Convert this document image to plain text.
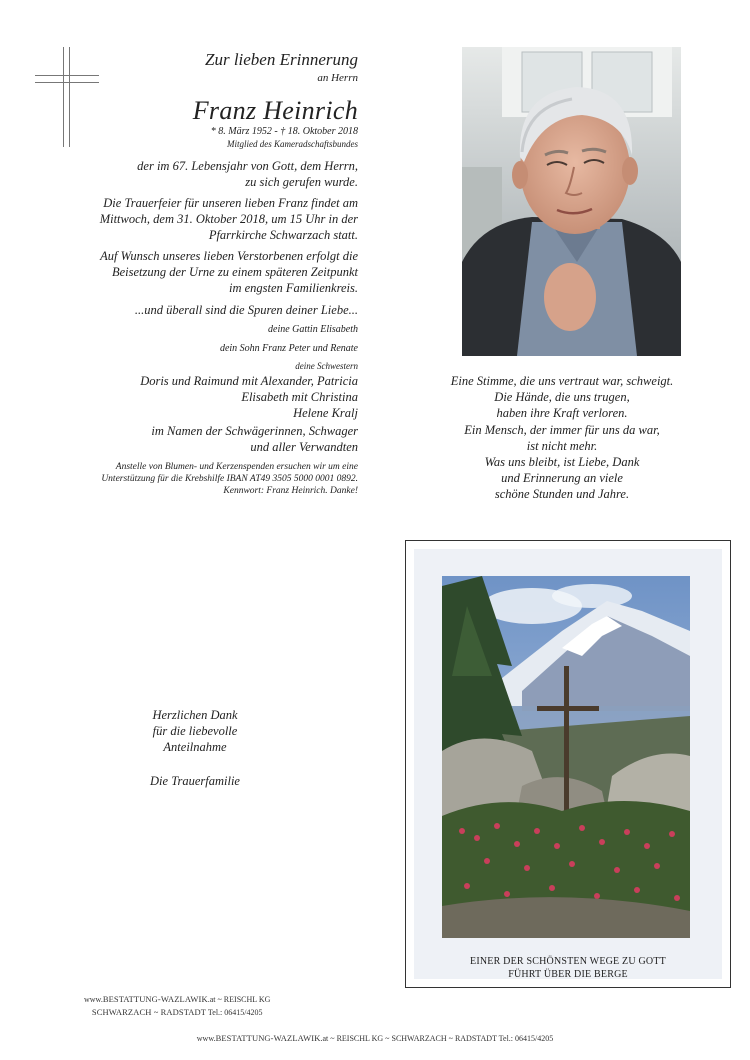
Zur lieben Erinnerung
an Herrn
Franz Heinrich
* 8. März 1952 - † 18. Oktober 2018
Mitglied des Kameradschaftsbundes
der im 67. Lebensjahr von Gott, dem Herrn,
zu sich gerufen wurde.
Die Trauerfeier für unseren lieben Franz findet am
Mittwoch, dem 31. Oktober 2018, um 15 Uhr in der
Pfarrkirche Schwarzach statt.
Auf Wunsch unseres lieben Verstorbenen erfolgt die
Beisetzung der Urne zu einem späteren Zeitpunkt
im engsten Familienkreis.
...und überall sind die Spuren deiner Liebe...
deine Gattin Elisabeth
dein Sohn Franz Peter und Renate
deine Schwestern
Doris und Raimund mit Alexander, Patricia
Elisabeth mit Christina
Helene Kralj
im Namen der Schwägerinnen, Schwager
und aller Verwandten
Anstelle von Blumen- und Kerzenspenden ersuchen wir um eine
Unterstützung für die Krebshilfe IBAN AT49 3505 5000 0001 0892.
Kennwort: Franz Heinrich. Danke!
Eine Stimme, die uns vertraut war, schweigt.
Die Hände, die uns trugen,
haben ihre Kraft verloren.
Ein Mensch, der immer für uns da war,
ist nicht mehr.
Was uns bleibt, ist Liebe, Dank
und Erinnerung an viele
schöne Stunden und Jahre.
Herzlichen Dank
für die liebevolle
Anteilnahme
Die Trauerfamilie
EINER DER SCHÖNSTEN WEGE ZU GOTT
FÜHRT ÜBER DIE BERGE
www.BESTATTUNG-WAZLAWIK.at ~ REISCHL KG
SCHWARZACH ~ RADSTADT Tel.: 06415/4205
www.BESTATTUNG-WAZLAWIK.at ~ REISCHL KG ~ SCHWARZACH ~ RADSTADT Tel.: 06415/4205
